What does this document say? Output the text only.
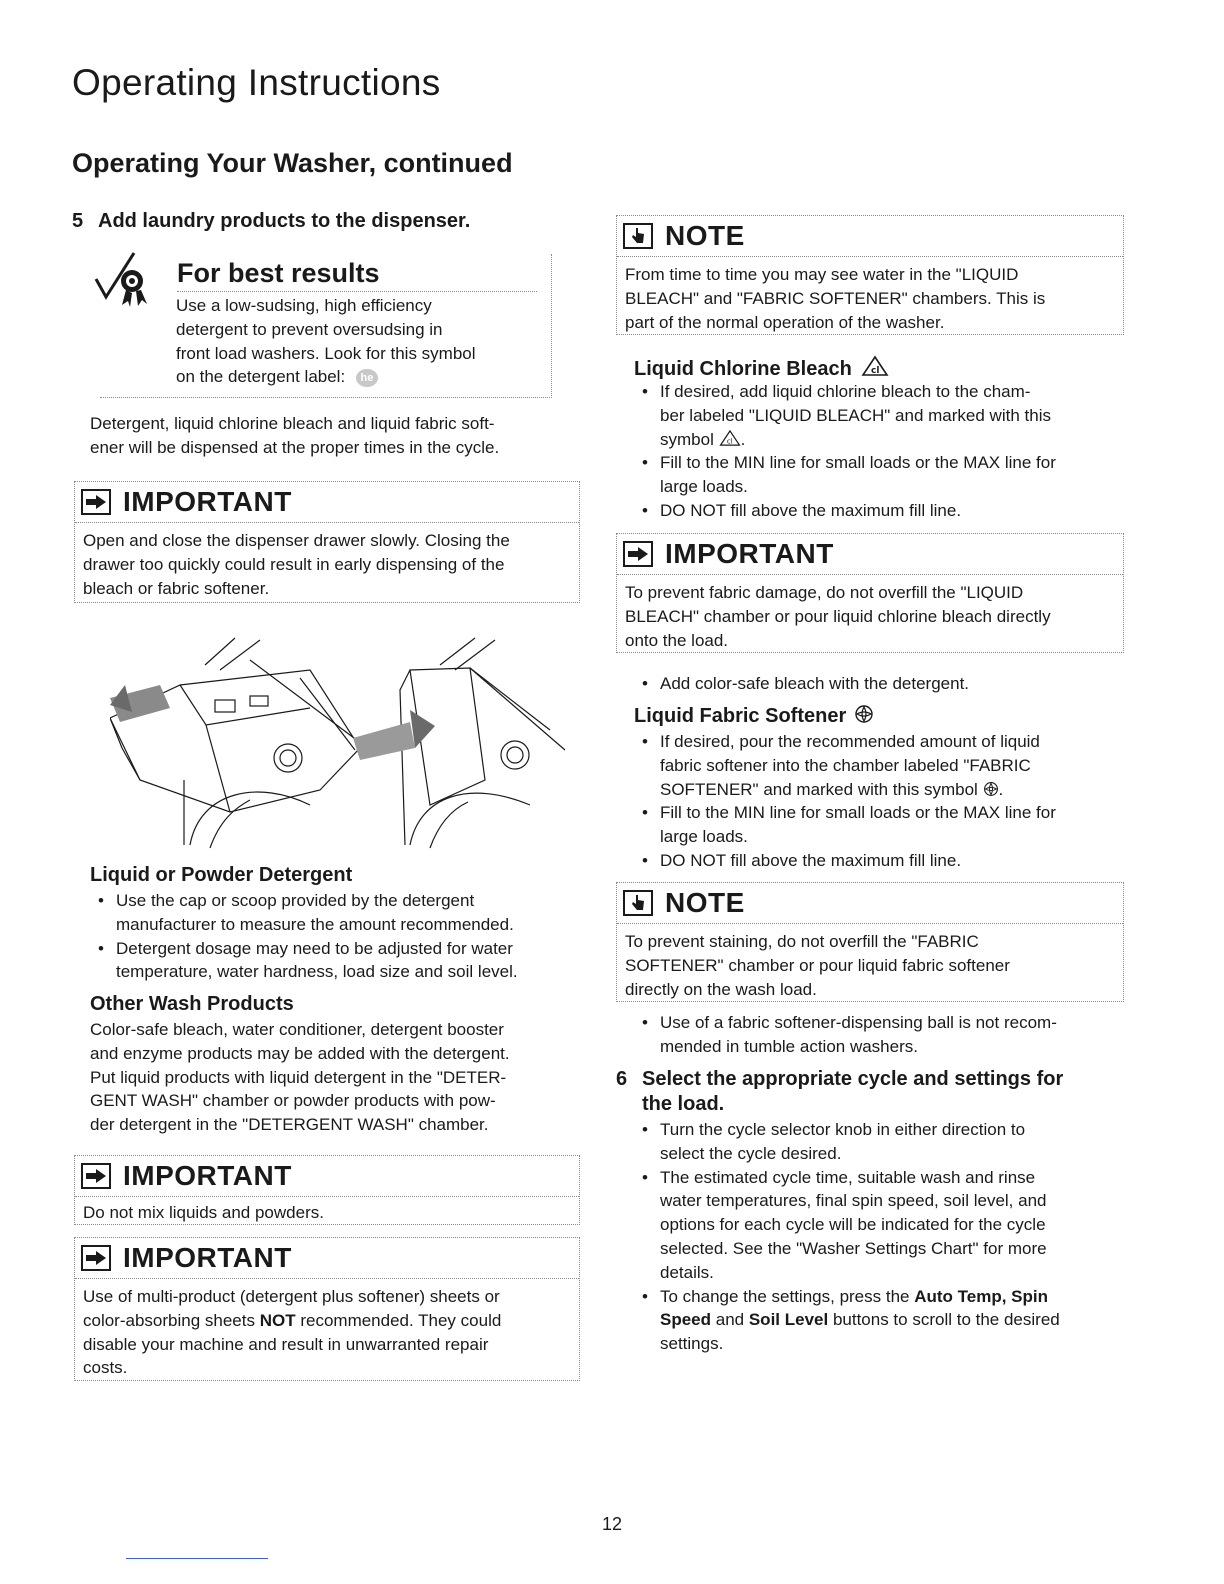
Operating Instructions
Operating Your Washer, continued
5 Add laundry products to the dispenser.
For best results
Use a low-sudsing, high efficiency
detergent to prevent oversudsing in
front load washers. Look for this symbol
on the detergent label: he
Detergent, liquid chlorine bleach and liquid fabric soft-
ener will be dispensed at the proper times in the cycle.
IMPORTANT
Open and close the dispenser drawer slowly. Closing the
drawer too quickly could result in early dispensing of the
bleach or fabric softener.
Liquid or Powder Detergent
• Use the cap or scoop provided by the detergent
manufacturer to measure the amount recommended.
• Detergent dosage may need to be adjusted for water
temperature, water hardness, load size and soil level.
Other Wash Products
Color-safe bleach, water conditioner, detergent booster
and enzyme products may be added with the detergent.
Put liquid products with liquid detergent in the "DETER-
GENT WASH" chamber or powder products with pow-
der detergent in the "DETERGENT WASH" chamber.
IMPORTANT
Do not mix liquids and powders.
IMPORTANT
Use of multi-product (detergent plus softener) sheets or
color-absorbing sheets NOT recommended. They could
disable your machine and result in unwarranted repair
costs.
NOTE
From time to time you may see water in the "LIQUID
BLEACH" and "FABRIC SOFTENER" chambers. This is
part of the normal operation of the washer.
Liquid Chlorine Bleach cl
• If desired, add liquid chlorine bleach to the cham-
ber labeled "LIQUID BLEACH" and marked with this
symbol cl .
• Fill to the MIN line for small loads or the MAX line for
large loads.
• DO NOT fill above the maximum fill line.
IMPORTANT
To prevent fabric damage, do not overfill the "LIQUID
BLEACH" chamber or pour liquid chlorine bleach directly
onto the load.
• Add color-safe bleach with the detergent.
Liquid Fabric Softener
• If desired, pour the recommended amount of liquid
fabric softener into the chamber labeled "FABRIC
SOFTENER" and marked with this symbol .
• Fill to the MIN line for small loads or the MAX line for
large loads.
• DO NOT fill above the maximum fill line.
NOTE
To prevent staining, do not overfill the "FABRIC
SOFTENER" chamber or pour liquid fabric softener
directly on the wash load.
• Use of a fabric softener-dispensing ball is not recom-
mended in tumble action washers.
6 Select the appropriate cycle and settings for
the load.
• Turn the cycle selector knob in either direction to
select the cycle desired.
• The estimated cycle time, suitable wash and rinse
water temperatures, final spin speed, soil level, and
options for each cycle will be indicated for the cycle
selected. See the "Washer Settings Chart" for more
details.
• To change the settings, press the Auto Temp, Spin
Speed and Soil Level buttons to scroll to the desired
settings.
12
